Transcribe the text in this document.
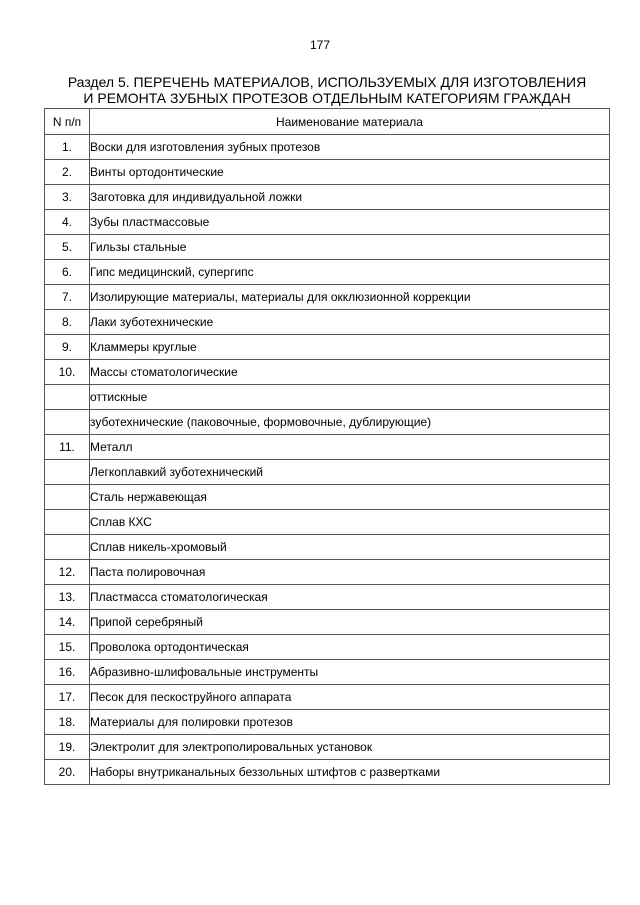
177
Раздел 5. ПЕРЕЧЕНЬ МАТЕРИАЛОВ, ИСПОЛЬЗУЕМЫХ ДЛЯ ИЗГОТОВЛЕНИЯ
И РЕМОНТА ЗУБНЫХ ПРОТЕЗОВ ОТДЕЛЬНЫМ КАТЕГОРИЯМ ГРАЖДАН
N п/п	Наименование материала
1.	Воски для изготовления зубных протезов
2.	Винты ортодонтические
3.	Заготовка для индивидуальной ложки
4.	Зубы пластмассовые
5.	Гильзы стальные
6.	Гипс медицинский, супергипс
7.	Изолирующие материалы, материалы для окклюзионной коррекции
8.	Лаки зуботехнические
9.	Кламмеры круглые
10.	Массы стоматологические
	оттискные
	зуботехнические (паковочные, формовочные, дублирующие)
11.	Металл
	Легкоплавкий зуботехнический
	Сталь нержавеющая
	Сплав КХС
	Сплав никель-хромовый
12.	Паста полировочная
13.	Пластмасса стоматологическая
14.	Припой серебряный
15.	Проволока ортодонтическая
16.	Абразивно-шлифовальные инструменты
17.	Песок для пескоструйного аппарата
18.	Материалы для полировки протезов
19.	Электролит для электрополировальных установок
20.	Наборы внутриканальных беззольных штифтов с развертками
